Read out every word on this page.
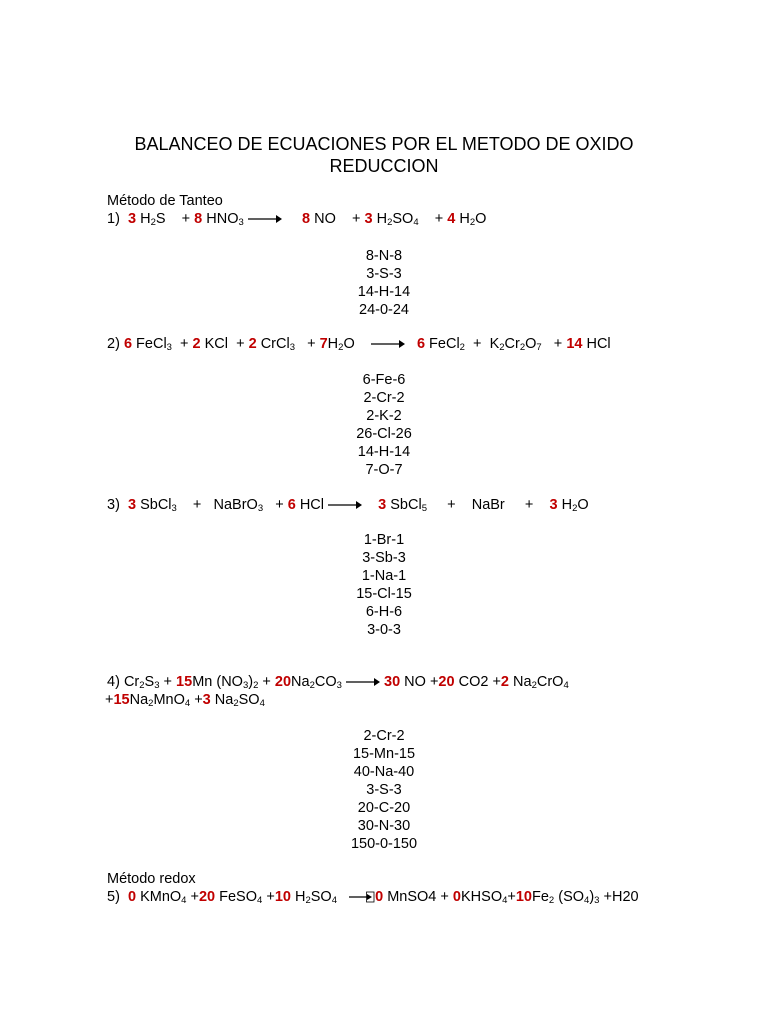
BALANCEO DE ECUACIONES POR EL METODO DE OXIDO
REDUCCION
Método de Tanteo
1) 3 $H_2S + 8$ $HNO_3 \to 8$ NO + 3 $H_2SO_4 + 4$ $H_2O$
8-N-8
3-S-3
14-H-14
24-0-24
2) 6 FeCl$_3$  + 2 KCl  + 2 CrCl$_3$   + $7H_2O \to 6$ FeCl$_2$  +  $K_2Cr_2O_7 + 14$ HCl
6-Fe-6
2-Cr-2
2-K-2
26-Cl-26
14-H-14
7-O-7
3) 3 SbCl$_3$    +   NaBrO$_3$   + 6 HCl → 3 SbCl$_5$     +    NaBr     +    3 $H_2O$
1-Br-1
3-Sb-3
1-Na-1
15-Cl-15
6-H-6
3-0-3
4) $Cr_2S_3 + 15Mn$ $(NO_3)_2 + 20Na_2CO_3 \to 30$ NO +20 CO2 +2 $Na_2CrO_4$
$+15Na_2MnO_4 +3$ $Na_2SO_4$
2-Cr-2
15-Mn-15
40-Na-40
3-S-3
20-C-20
30-N-30
150-0-150
Método redox
5) 0 KMnO$_4$ +20 FeSO$_4$ +10 $H_2SO_4 \to 0$ MnSO4 + $0KHSO_4+10Fe_2$ $(SO_4)_3 +H20$
